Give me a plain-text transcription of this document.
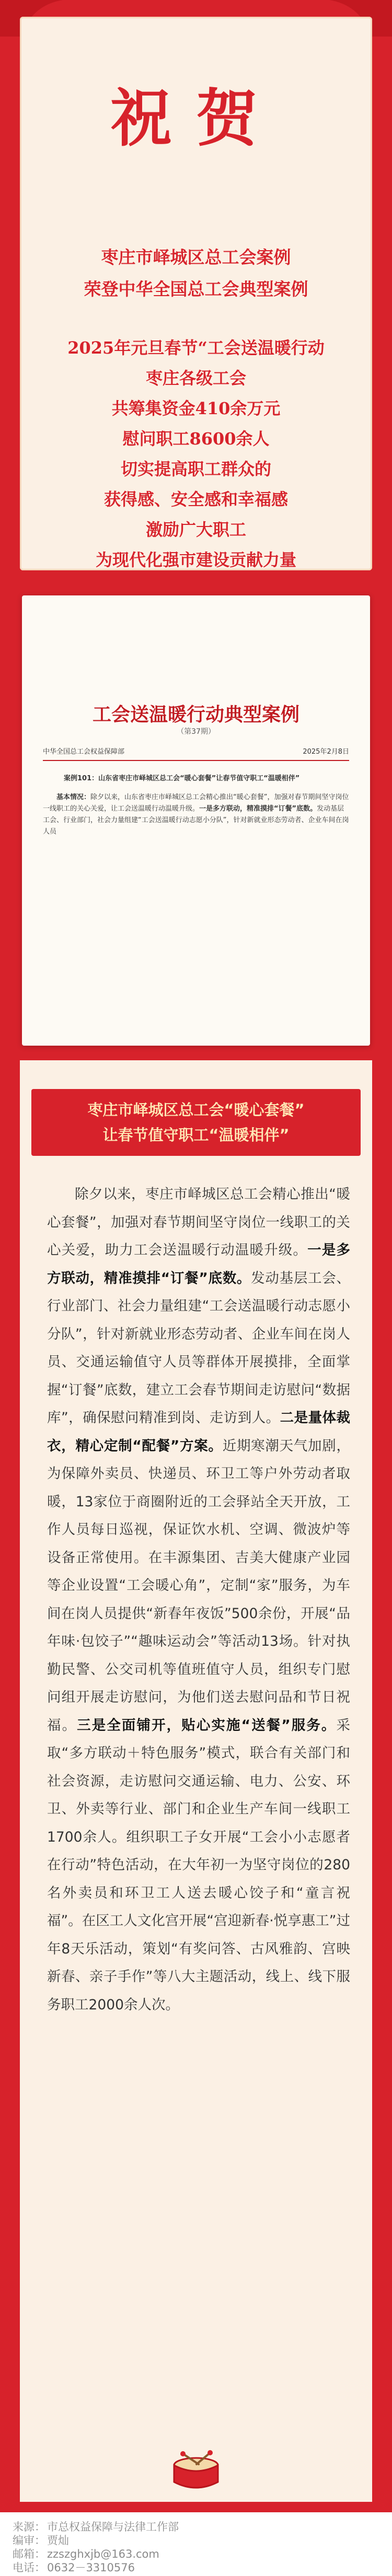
祝贺
枣庄市峄城区总工会案例
荣登中华全国总工会典型案例
2025年元旦春节“工会送温暖行动
枣庄各级工会
共筹集资金410余万元
慰问职工8600余人
切实提高职工群众的
获得感、安全感和幸福感
激励广大职工
为现代化强市建设贡献力量
工会送温暖行动典型案例
（第37期）
中华全国总工会权益保障部	2025年2月8日
案例101：山东省枣庄市峄城区总工会“暖心套餐”让春节值守职工“温暖相伴”
基本情况：除夕以来，山东省枣庄市峄城区总工会精心推出“暖心套餐”，加强对春节期间坚守岗位一线职工的关心关爱，让工会送温暖行动温暖升级。一是多方联动，精准摸排“订餐”底数。发动基层工会、行业部门，社会力量组建“工会送温暖行动志愿小分队”，针对新就业形态劳动者、企业车间在岗人员
枣庄市峄城区总工会“暖心套餐”
让春节值守职工“温暖相伴”
除夕以来，枣庄市峄城区总工会精心推出“暖心套餐”，加强对春节期间坚守岗位一线职工的关心关爱，助力工会送温暖行动温暖升级。一是多方联动，精准摸排“订餐”底数。发动基层工会、行业部门、社会力量组建“工会送温暖行动志愿小分队”，针对新就业形态劳动者、企业车间在岗人员、交通运输值守人员等群体开展摸排，全面掌握“订餐”底数，建立工会春节期间走访慰问“数据库”，确保慰问精准到岗、走访到人。二是量体裁衣，精心定制“配餐”方案。近期寒潮天气加剧，为保障外卖员、快递员、环卫工等户外劳动者取暖，13家位于商圈附近的工会驿站全天开放，工作人员每日巡视，保证饮水机、空调、微波炉等设备正常使用。在丰源集团、吉美大健康产业园等企业设置“工会暖心角”，定制“家”服务，为车间在岗人员提供“新春年夜饭”500余份，开展“品年味·包饺子”“趣味运动会”等活动13场。针对执勤民警、公交司机等值班值守人员，组织专门慰问组开展走访慰问，为他们送去慰问品和节日祝福。三是全面铺开，贴心实施“送餐”服务。采取“多方联动＋特色服务”模式，联合有关部门和社会资源，走访慰问交通运输、电力、公安、环卫、外卖等行业、部门和企业生产车间一线职工1700余人。组织职工子女开展“工会小小志愿者在行动”特色活动，在大年初一为坚守岗位的280名外卖员和环卫工人送去暖心饺子和“童言祝福”。在区工人文化宫开展“宫迎新春·悦享惠工”过年8天乐活动，策划“有奖问答、古风雅韵、宫映新春、亲子手作”等八大主题活动，线上、线下服务职工2000余人次。
来源： 市总权益保障与法律工作部
编审： 贾灿
邮箱： zzszghxjb@163.com
电话： 0632－3310576
